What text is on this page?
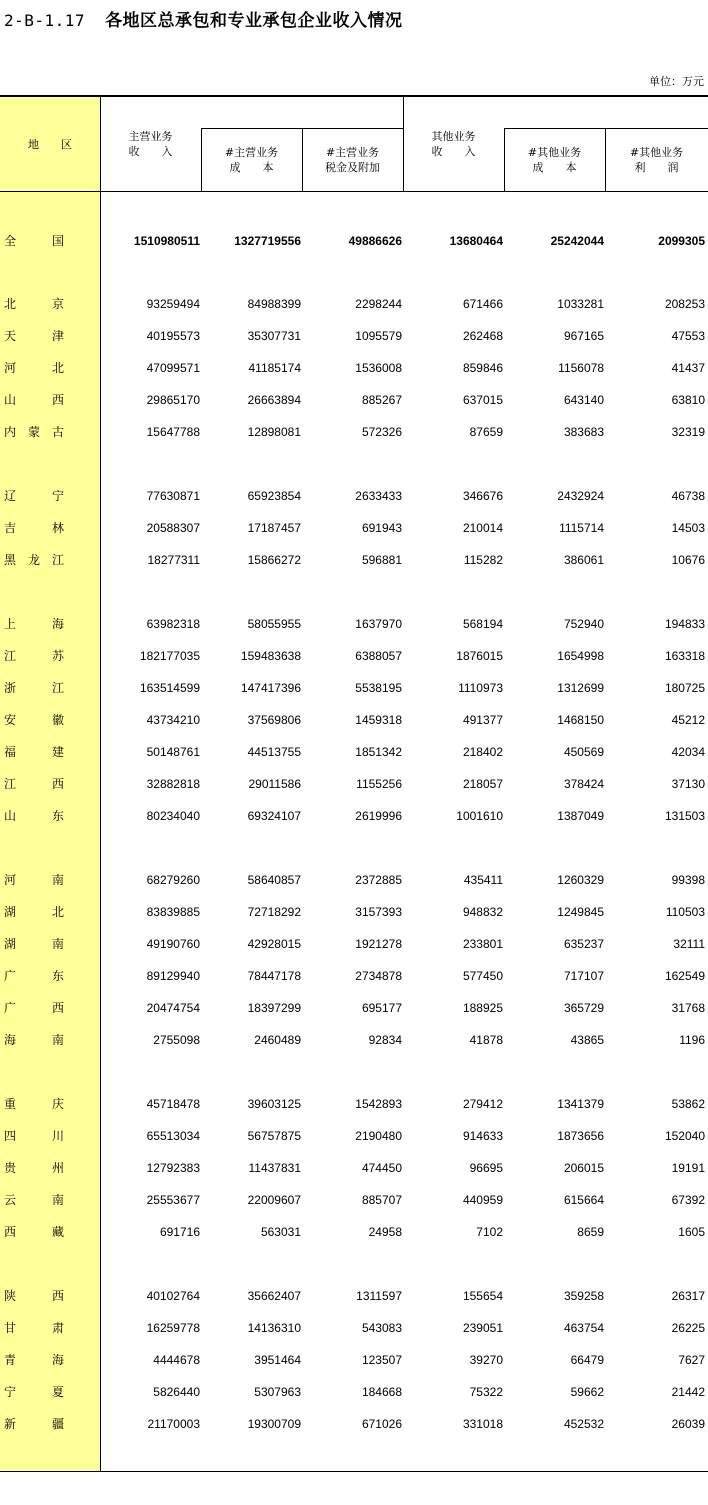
2-B-1.17 各地区总承包和专业承包企业收入情况
单位：万元
地　　区
主营业务
收　　入	#主营业务
成　　本
#主营业务
税金及附加
其他业务
收　　入	#其他业务
成　　本
#其他业务
利　　润
全	国	1510980511	1327719556	49886626	13680464	25242044	2099305
北	京	93259494	84988399	2298244	671466	1033281	208253
天	津	40195573	35307731	1095579	262468	967165	47553
河	北	47099571	41185174	1536008	859846	1156078	41437
山	西	29865170	26663894	885267	637015	643140	63810
内 蒙 古	15647788	12898081	572326	87659	383683	32319
辽	宁	77630871	65923854	2633433	346676	2432924	46738
吉	林	20588307	17187457	691943	210014	1115714	14503
黑 龙 江	18277311	15866272	596881	115282	386061	10676
上	海	63982318	58055955	1637970	568194	752940	194833
江	苏	182177035	159483638	6388057	1876015	1654998	163318
浙	江	163514599	147417396	5538195	1110973	1312699	180725
安	徽	43734210	37569806	1459318	491377	1468150	45212
福	建	50148761	44513755	1851342	218402	450569	42034
江	西	32882818	29011586	1155256	218057	378424	37130
山	东	80234040	69324107	2619996	1001610	1387049	131503
河	南	68279260	58640857	2372885	435411	1260329	99398
湖	北	83839885	72718292	3157393	948832	1249845	110503
湖	南	49190760	42928015	1921278	233801	635237	32111
广	东	89129940	78447178	2734878	577450	717107	162549
广	西	20474754	18397299	695177	188925	365729	31768
海	南	2755098	2460489	92834	41878	43865	1196
重	庆	45718478	39603125	1542893	279412	1341379	53862
四	川	65513034	56757875	2190480	914633	1873656	152040
贵	州	12792383	11437831	474450	96695	206015	19191
云	南	25553677	22009607	885707	440959	615664	67392
西	藏	691716	563031	24958	7102	8659	1605
陕	西	40102764	35662407	1311597	155654	359258	26317
甘	肃	16259778	14136310	543083	239051	463754	26225
青	海	4444678	3951464	123507	39270	66479	7627
宁	夏	5826440	5307963	184668	75322	59662	21442
新	疆	21170003	19300709	671026	331018	452532	26039
